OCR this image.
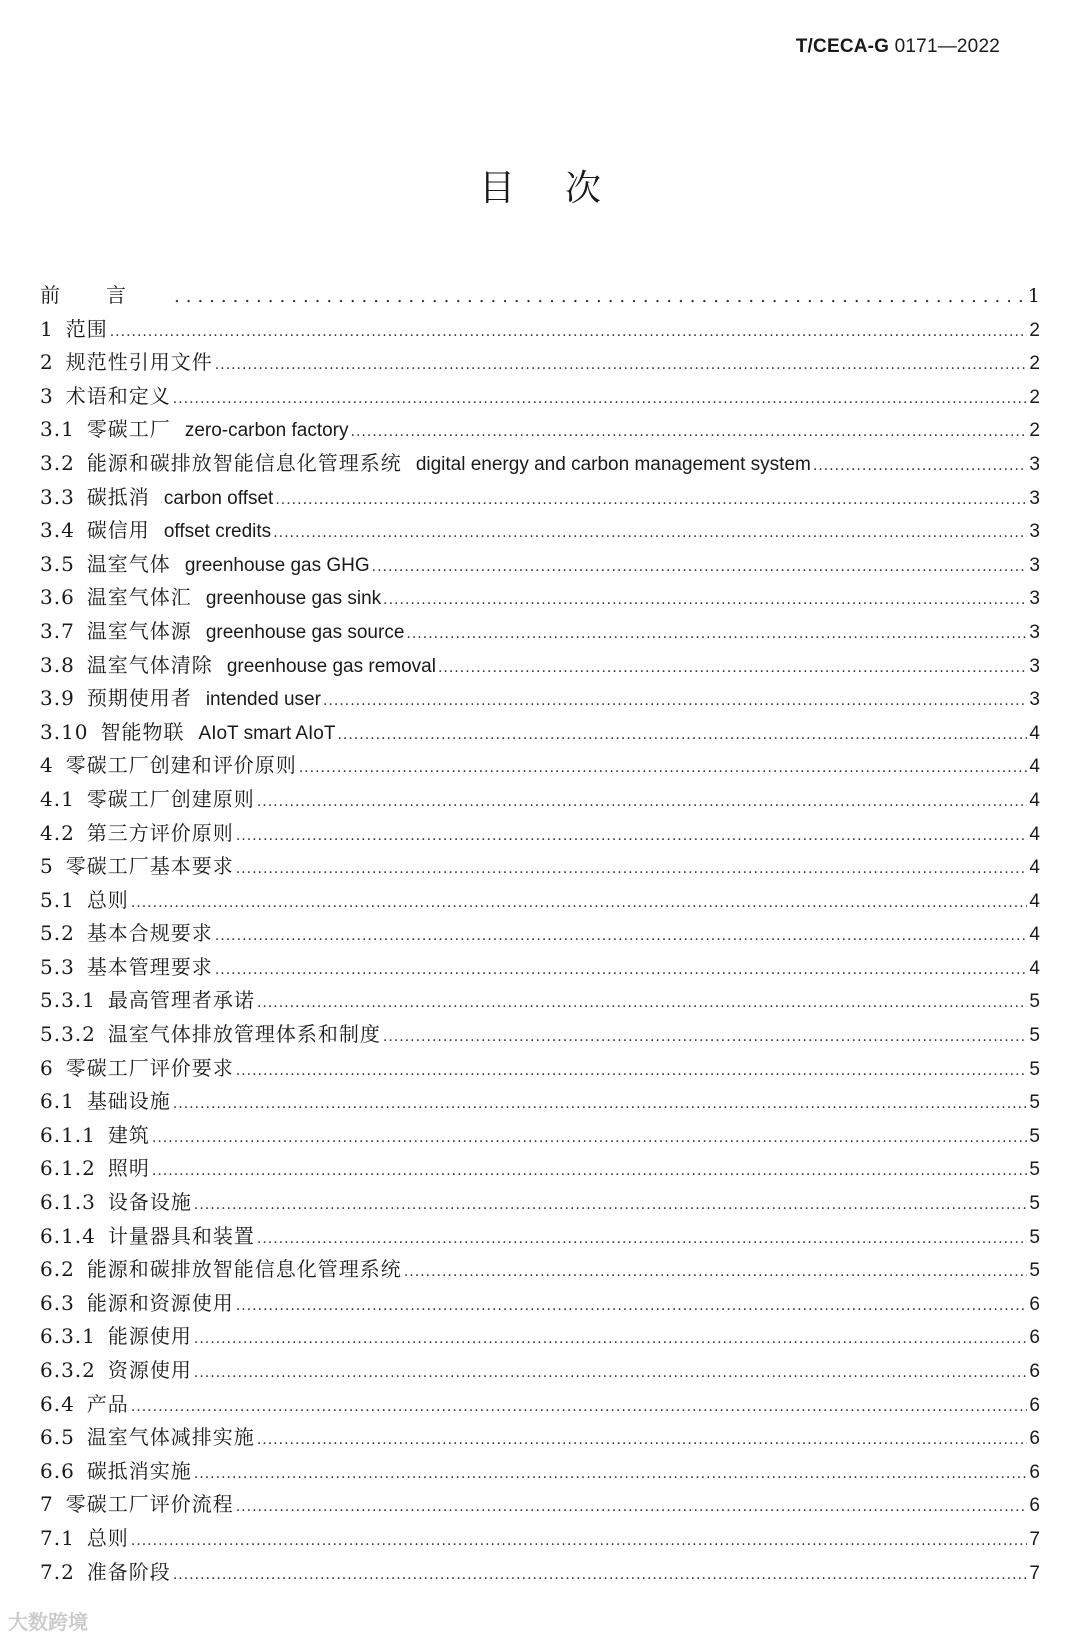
T/CECA-G 0171—2022
目次
前言 .....	1
1 范围 .....	2
2 规范性引用文件 .....	2
3 术语和定义 .....	2
3.1 零碳工厂 zero-carbon factory .....	2
3.2 能源和碳排放智能信息化管理系统 digital energy and carbon management system .....	3
3.3 碳抵消 carbon offset .....	3
3.4 碳信用 offset credits .....	3
3.5 温室气体 greenhouse gas GHG .....	3
3.6 温室气体汇 greenhouse gas sink .....	3
3.7 温室气体源 greenhouse gas source .....	3
3.8 温室气体清除 greenhouse gas removal .....	3
3.9 预期使用者 intended user .....	3
3.10 智能物联 AIoT smart AIoT .....	4
4 零碳工厂创建和评价原则 .....	4
4.1 零碳工厂创建原则 .....	4
4.2 第三方评价原则 .....	4
5 零碳工厂基本要求 .....	4
5.1 总则 .....	4
5.2 基本合规要求 .....	4
5.3 基本管理要求 .....	4
5.3.1 最高管理者承诺 .....	5
5.3.2 温室气体排放管理体系和制度 .....	5
6 零碳工厂评价要求 .....	5
6.1 基础设施 .....	5
6.1.1 建筑 .....	5
6.1.2 照明 .....	5
6.1.3 设备设施 .....	5
6.1.4 计量器具和装置 .....	5
6.2 能源和碳排放智能信息化管理系统 .....	5
6.3 能源和资源使用 .....	6
6.3.1 能源使用 .....	6
6.3.2 资源使用 .....	6
6.4 产品 .....	6
6.5 温室气体减排实施 .....	6
6.6 碳抵消实施 .....	6
7 零碳工厂评价流程 .....	6
7.1 总则 .....	7
7.2 准备阶段 .....	7
大数跨境
